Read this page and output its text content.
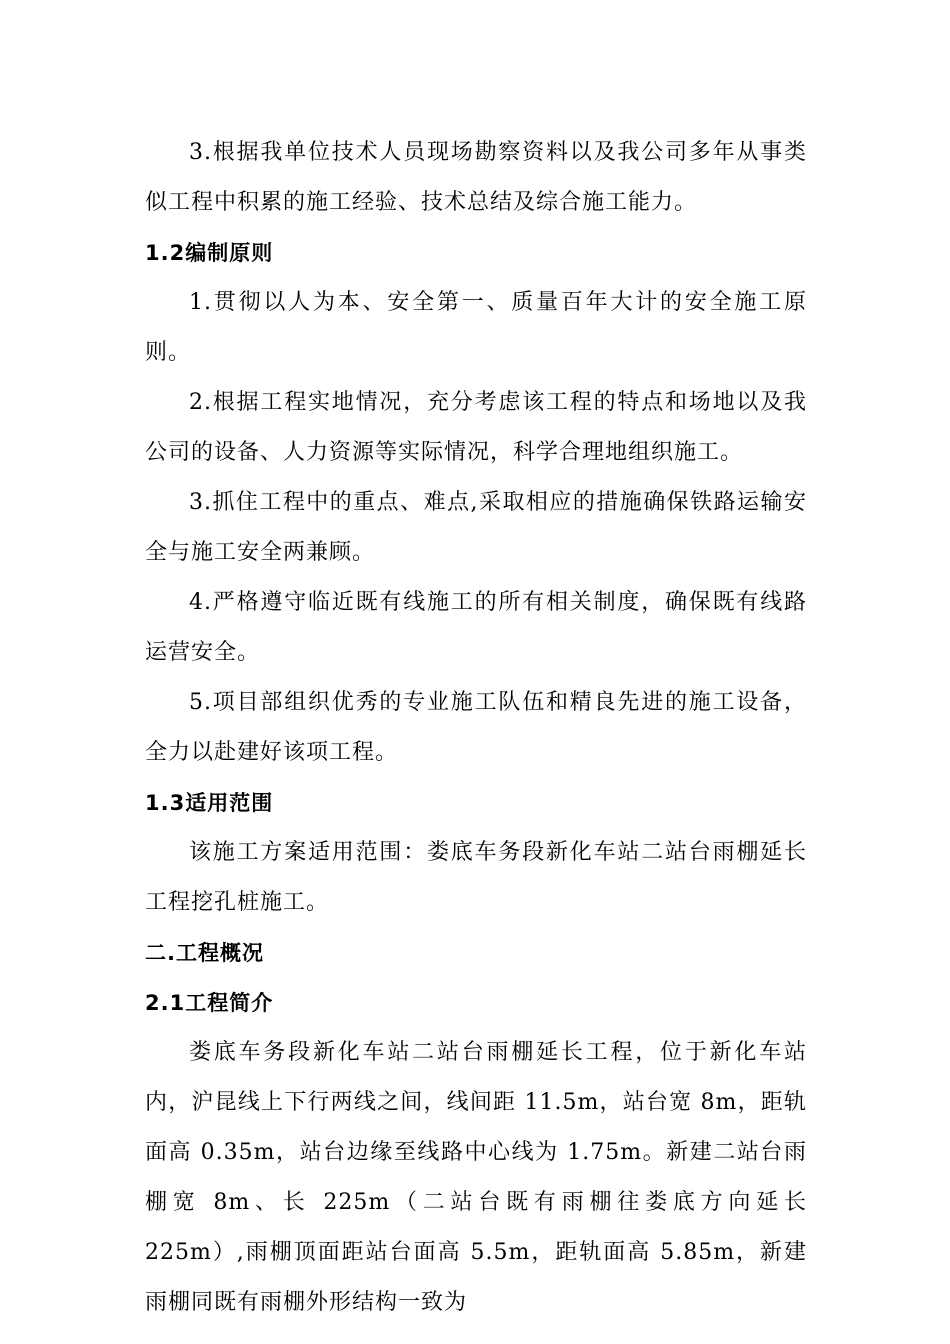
3.根据我单位技术人员现场勘察资料以及我公司多年从事类似工程中积累的施工经验、技术总结及综合施工能力。

1.2编制原则

1.贯彻以人为本、安全第一、质量百年大计的安全施工原则。

2.根据工程实地情况，充分考虑该工程的特点和场地以及我公司的设备、人力资源等实际情况，科学合理地组织施工。

3.抓住工程中的重点、难点,采取相应的措施确保铁路运输安全与施工安全两兼顾。

4.严格遵守临近既有线施工的所有相关制度，确保既有线路运营安全。

5.项目部组织优秀的专业施工队伍和精良先进的施工设备，全力以赴建好该项工程。

1.3适用范围

该施工方案适用范围：娄底车务段新化车站二站台雨棚延长工程挖孔桩施工。

二.工程概况

2.1工程简介

娄底车务段新化车站二站台雨棚延长工程，位于新化车站内，沪昆线上下行两线之间，线间距 11.5m，站台宽 8m，距轨面高 0.35m，站台边缘至线路中心线为 1.75m。新建二站台雨棚宽 8m、长 225m（二站台既有雨棚往娄底方向延长 225m）,雨棚顶面距站台面高 5.5m，距轨面高 5.85m，新建雨棚同既有雨棚外形结构一致为
